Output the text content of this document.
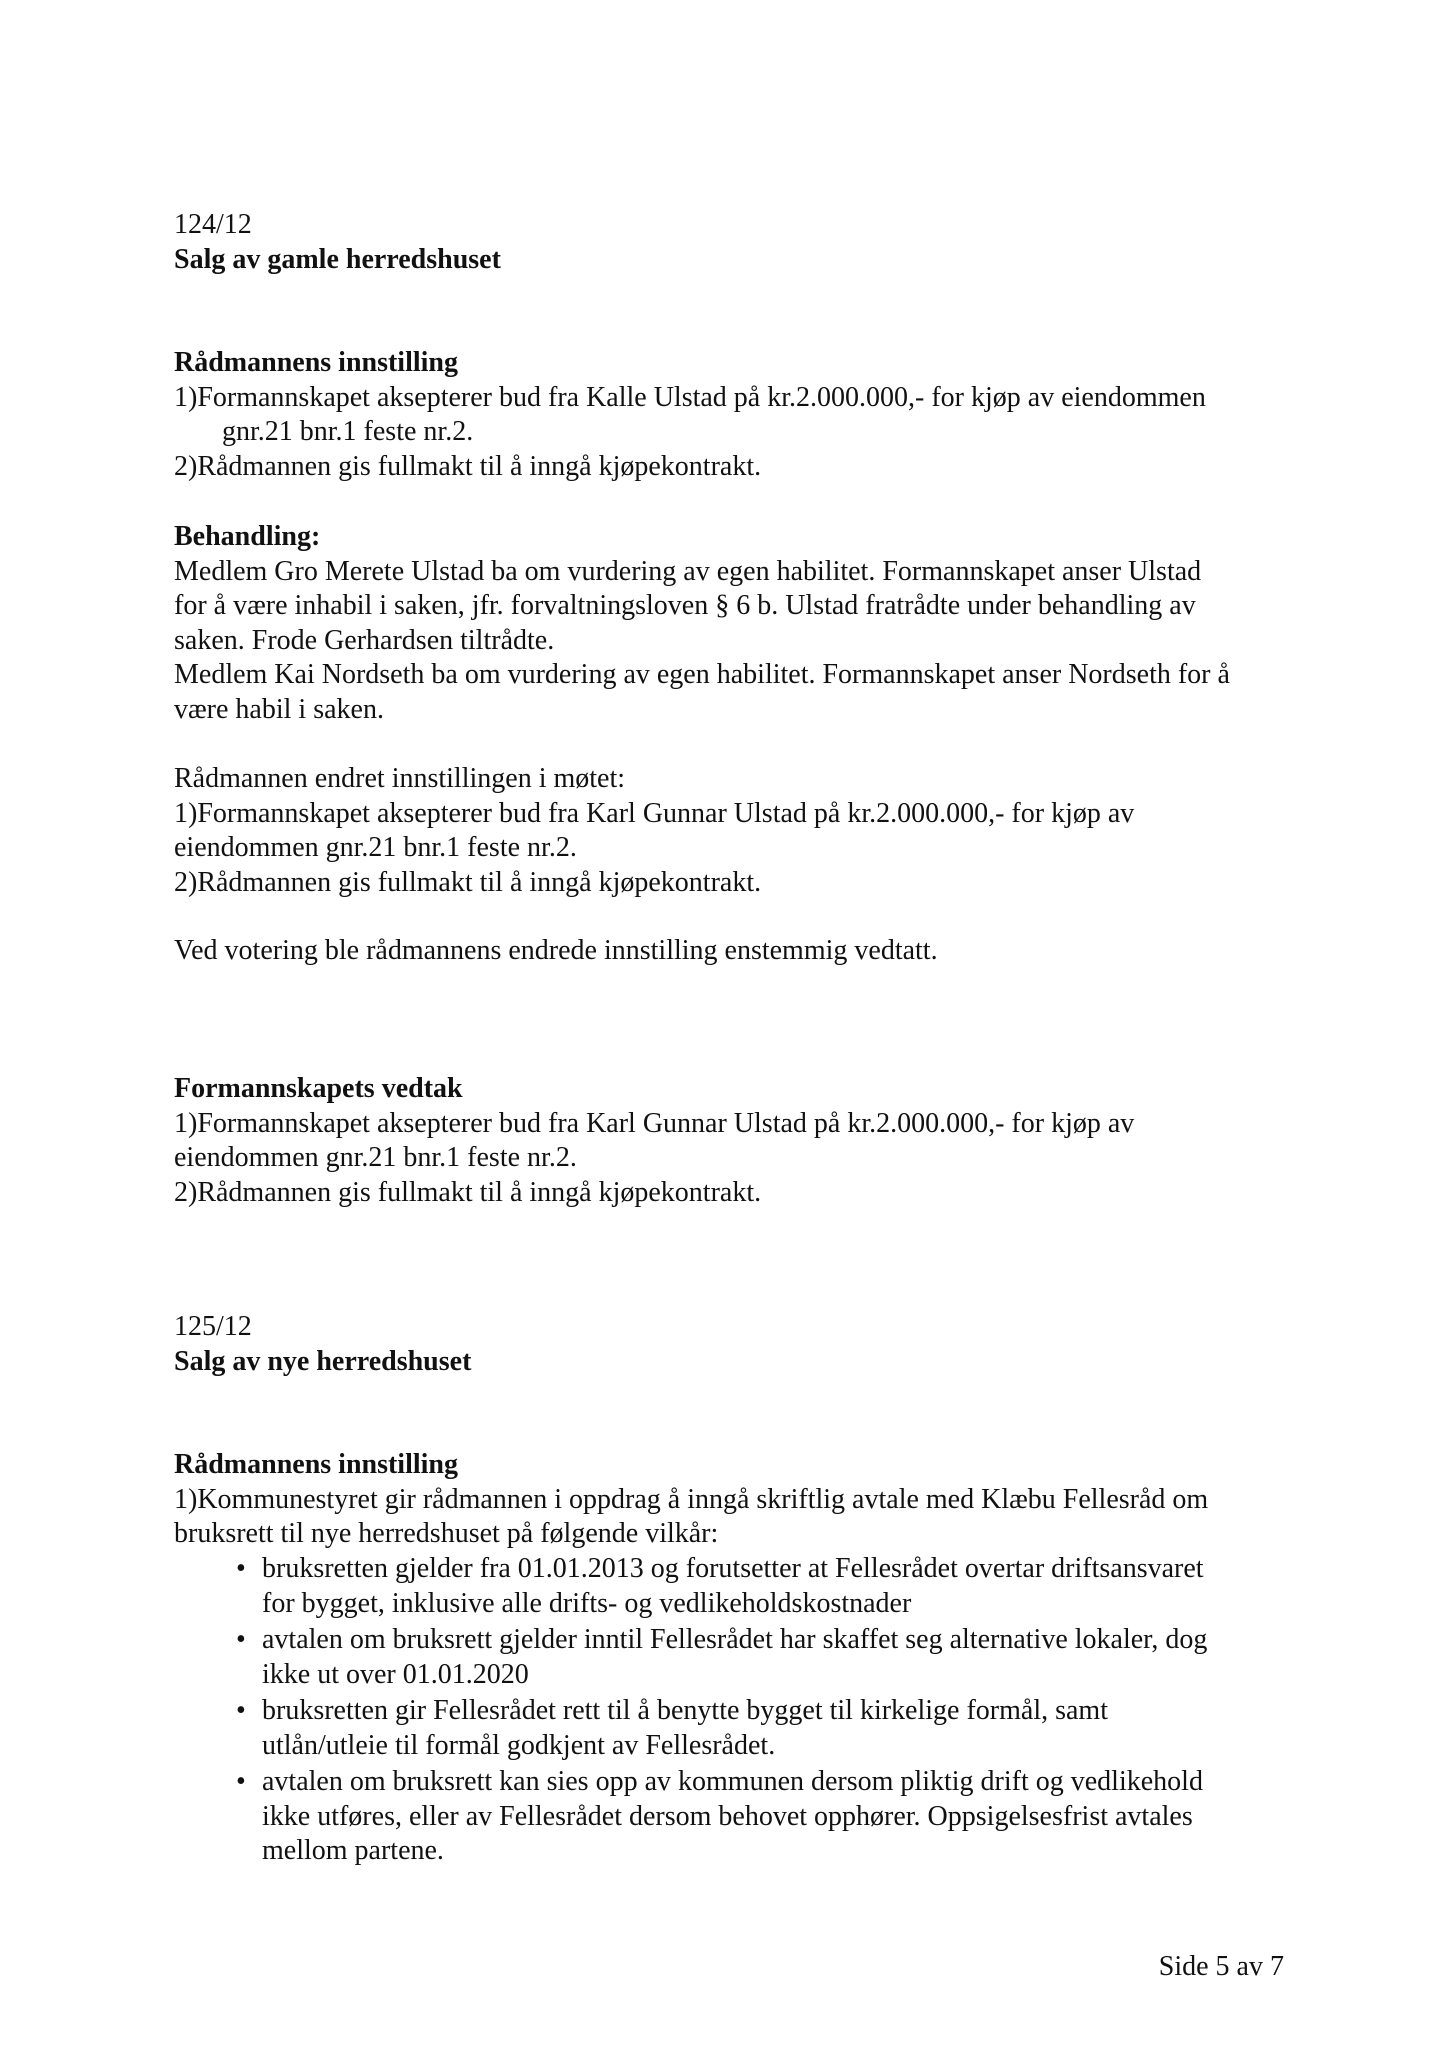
124/12
Salg av gamle herredshuset
Rådmannens innstilling
1)Formannskapet aksepterer bud fra Kalle Ulstad på kr.2.000.000,- for kjøp av eiendommen
gnr.21 bnr.1 feste nr.2.
2)Rådmannen gis fullmakt til å inngå kjøpekontrakt.
Behandling:
Medlem Gro Merete Ulstad ba om vurdering av egen habilitet. Formannskapet anser Ulstad
for å være inhabil i saken, jfr. forvaltningsloven § 6 b. Ulstad fratrådte under behandling av
saken. Frode Gerhardsen tiltrådte.
Medlem Kai Nordseth ba om vurdering av egen habilitet. Formannskapet anser Nordseth for å
være habil i saken.
Rådmannen endret innstillingen i møtet:
1)Formannskapet aksepterer bud fra Karl Gunnar Ulstad på kr.2.000.000,- for kjøp av
eiendommen gnr.21 bnr.1 feste nr.2.
2)Rådmannen gis fullmakt til å inngå kjøpekontrakt.
Ved votering ble rådmannens endrede innstilling enstemmig vedtatt.
Formannskapets vedtak
1)Formannskapet aksepterer bud fra Karl Gunnar Ulstad på kr.2.000.000,- for kjøp av
eiendommen gnr.21 bnr.1 feste nr.2.
2)Rådmannen gis fullmakt til å inngå kjøpekontrakt.
125/12
Salg av nye herredshuset
Rådmannens innstilling
1)Kommunestyret gir rådmannen i oppdrag å inngå skriftlig avtale med Klæbu Fellesråd om
bruksrett til nye herredshuset på følgende vilkår:
• bruksretten gjelder fra 01.01.2013 og forutsetter at Fellesrådet overtar driftsansvaret
for bygget, inklusive alle drifts- og vedlikeholdskostnader
• avtalen om bruksrett gjelder inntil Fellesrådet har skaffet seg alternative lokaler, dog
ikke ut over 01.01.2020
• bruksretten gir Fellesrådet rett til å benytte bygget til kirkelige formål, samt
utlån/utleie til formål godkjent av Fellesrådet.
• avtalen om bruksrett kan sies opp av kommunen dersom pliktig drift og vedlikehold
ikke utføres, eller av Fellesrådet dersom behovet opphører. Oppsigelsesfrist avtales
mellom partene.
Side 5 av 7
